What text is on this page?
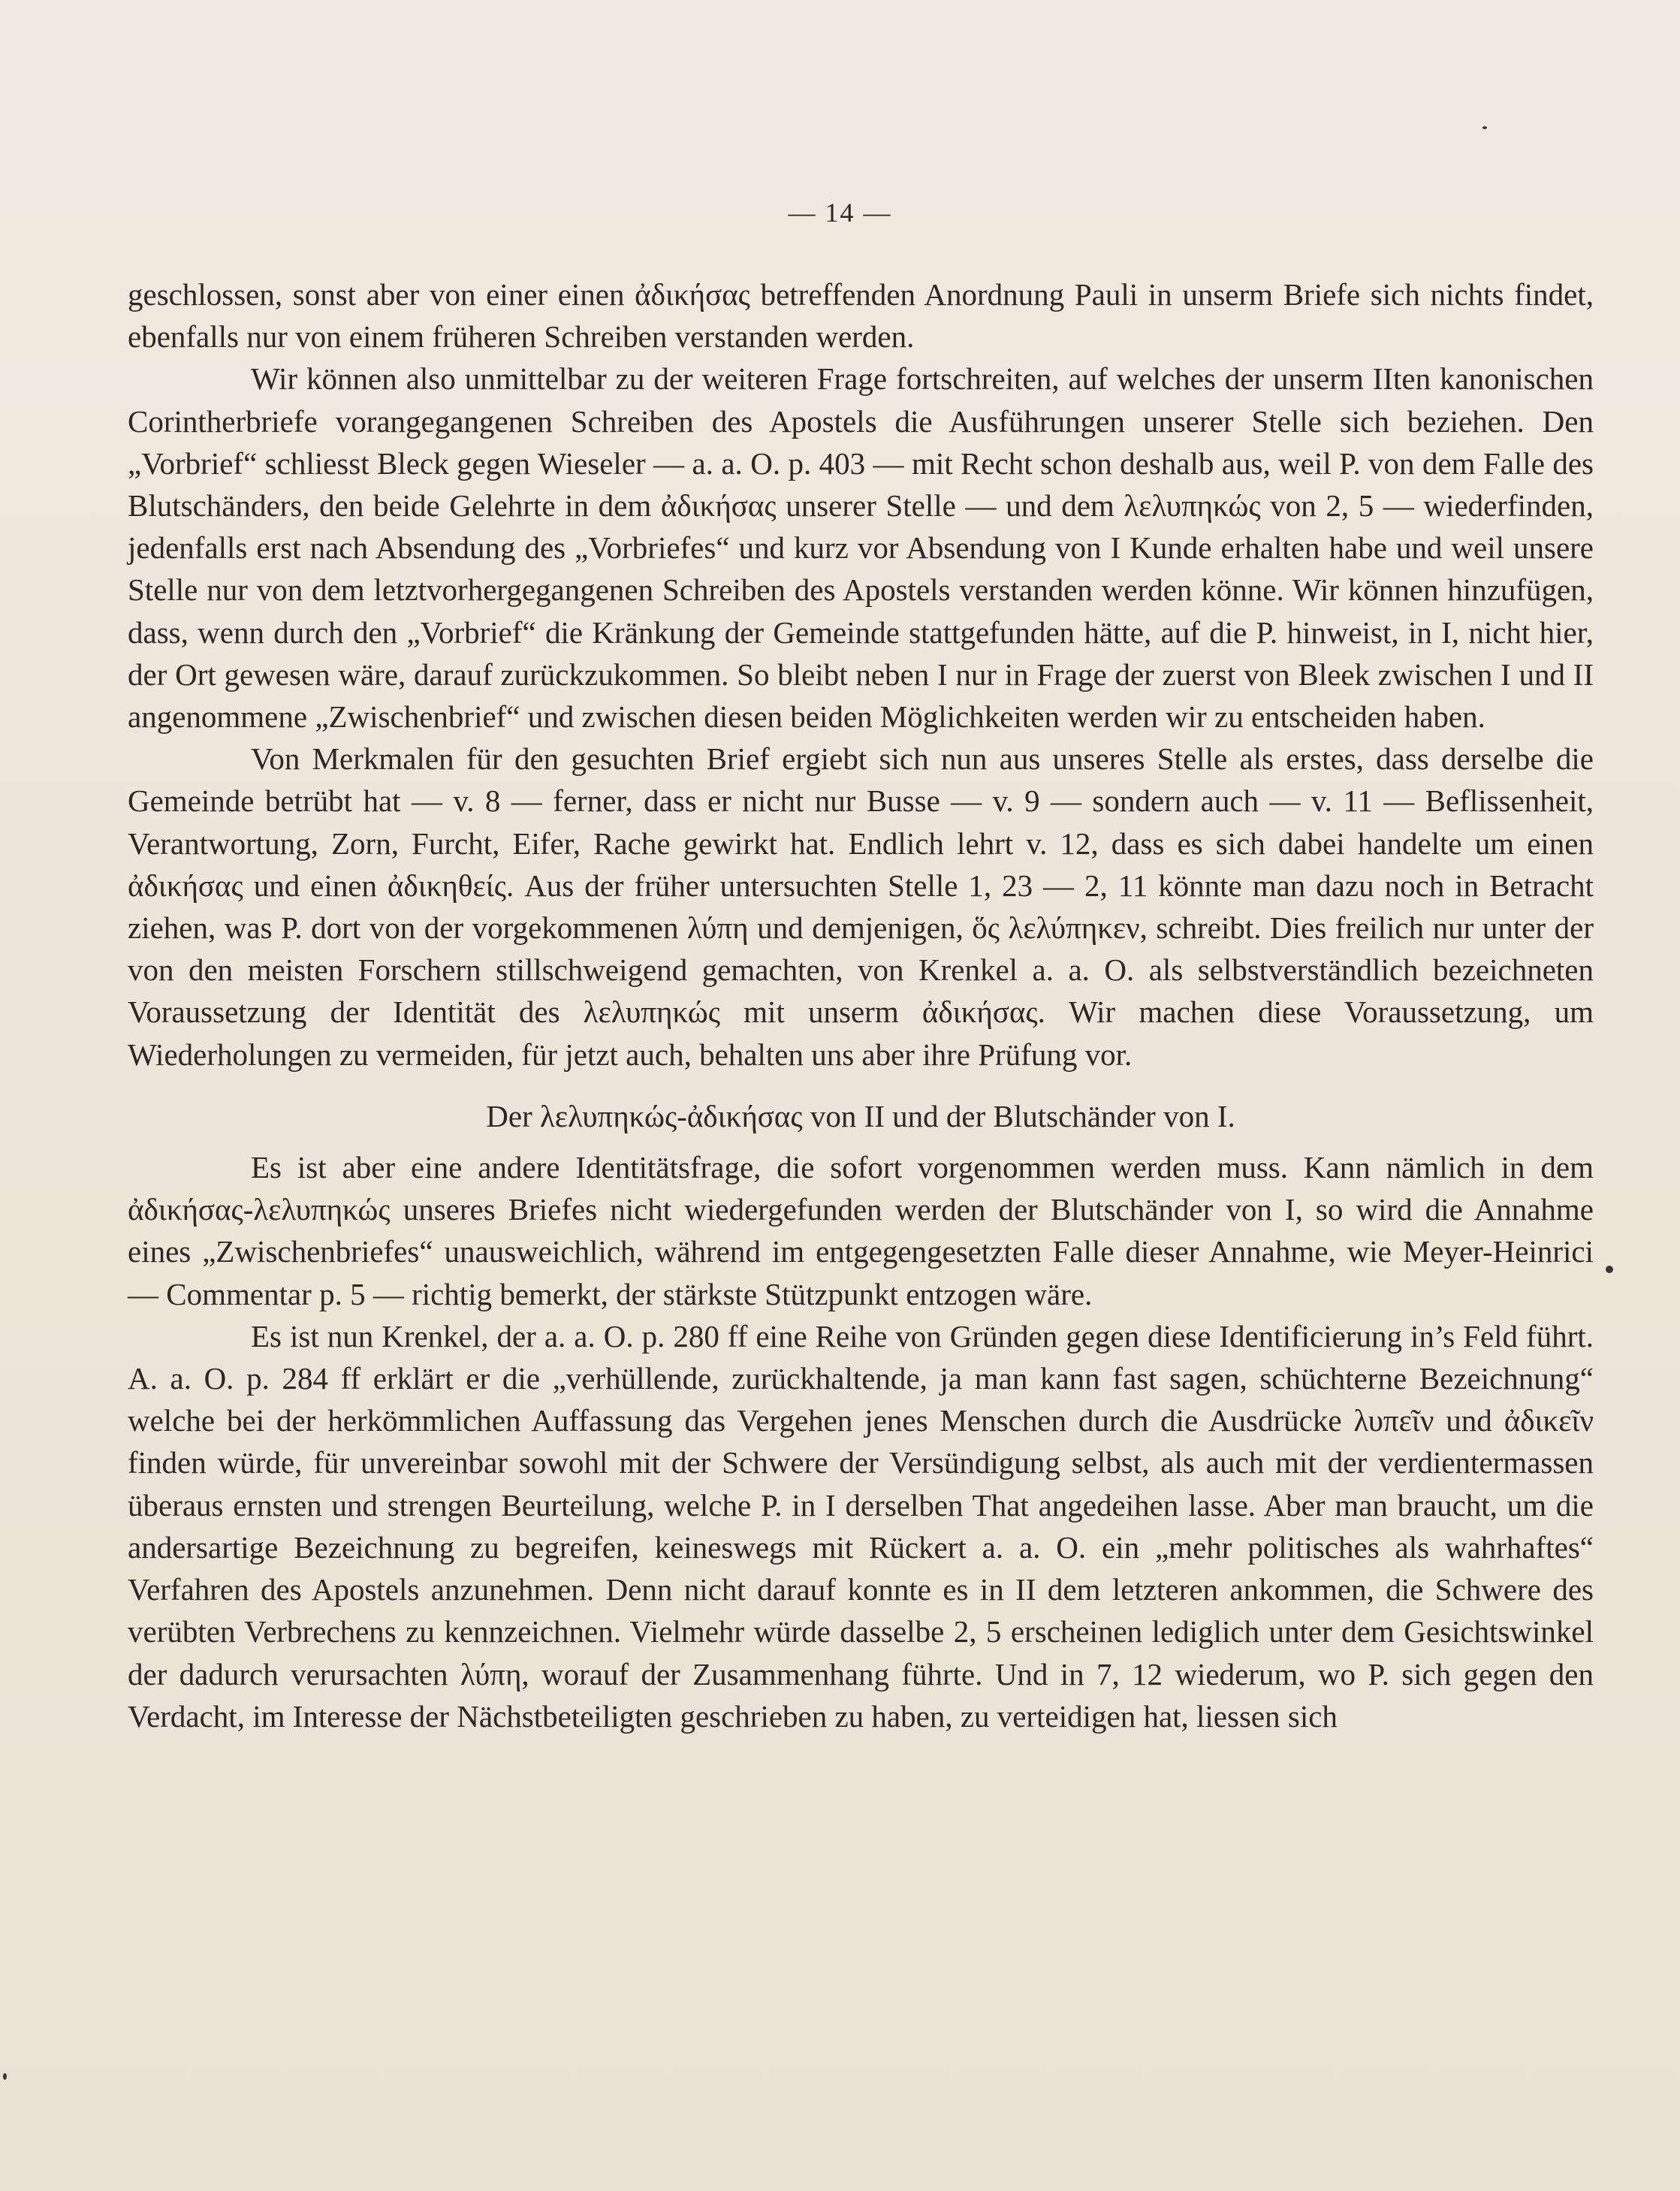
— 14 —

geschlossen, sonst aber von einer einen ἀδικήσας betreffenden Anordnung Pauli in unserm Briefe sich nichts findet, ebenfalls nur von einem früheren Schreiben verstanden werden.

Wir können also unmittelbar zu der weiteren Frage fortschreiten, auf welches der unserm IIten kanonischen Corintherbriefe vorangegangenen Schreiben des Apostels die Ausführungen unserer Stelle sich beziehen. Den „Vorbrief“ schliesst Bleck gegen Wieseler — a. a. O. p. 403 — mit Recht schon deshalb aus, weil P. von dem Falle des Blutschänders, den beide Gelehrte in dem ἀδικήσας unserer Stelle — und dem λελυπηκώς von 2, 5 — wiederfinden, jedenfalls erst nach Absendung des „Vorbriefes“ und kurz vor Absendung von I Kunde erhalten habe und weil unsere Stelle nur von dem letztvorhergegangenen Schreiben des Apostels verstanden werden könne. Wir können hinzufügen, dass, wenn durch den „Vorbrief“ die Kränkung der Gemeinde stattgefunden hätte, auf die P. hinweist, in I, nicht hier, der Ort gewesen wäre, darauf zurückzukommen. So bleibt neben I nur in Frage der zuerst von Bleek zwischen I und II angenommene „Zwischenbrief“ und zwischen diesen beiden Möglichkeiten werden wir zu entscheiden haben.

Von Merkmalen für den gesuchten Brief ergiebt sich nun aus unseres Stelle als erstes, dass derselbe die Gemeinde betrübt hat — v. 8 — ferner, dass er nicht nur Busse — v. 9 — sondern auch — v. 11 — Beflissenheit, Verantwortung, Zorn, Furcht, Eifer, Rache gewirkt hat. Endlich lehrt v. 12, dass es sich dabei handelte um einen ἀδικήσας und einen ἀδικηθείς. Aus der früher untersuchten Stelle 1, 23 — 2, 11 könnte man dazu noch in Betracht ziehen, was P. dort von der vorgekommenen λύπη und demjenigen, ὅς λελύπηκεν, schreibt. Dies freilich nur unter der von den meisten Forschern stillschweigend gemachten, von Krenkel a. a. O. als selbstverständlich bezeichneten Voraussetzung der Identität des λελυπηκώς mit unserm ἀδικήσας. Wir machen diese Voraussetzung, um Wiederholungen zu vermeiden, für jetzt auch, behalten uns aber ihre Prüfung vor.

Der λελυπηκώς-ἀδικήσας von II und der Blutschänder von I.

Es ist aber eine andere Identitätsfrage, die sofort vorgenommen werden muss. Kann nämlich in dem ἀδικήσας-λελυπηκώς unseres Briefes nicht wiedergefunden werden der Blutschänder von I, so wird die Annahme eines „Zwischenbriefes“ unausweichlich, während im entgegengesetzten Falle dieser Annahme, wie Meyer-Heinrici — Commentar p. 5 — richtig bemerkt, der stärkste Stützpunkt entzogen wäre.

Es ist nun Krenkel, der a. a. O. p. 280 ff eine Reihe von Gründen gegen diese Identificierung in’s Feld führt. A. a. O. p. 284 ff erklärt er die „verhüllende, zurückhaltende, ja man kann fast sagen, schüchterne Bezeichnung“ welche bei der herkömmlichen Auffassung das Vergehen jenes Menschen durch die Ausdrücke λυπεῖν und ἀδικεῖν finden würde, für unvereinbar sowohl mit der Schwere der Versündigung selbst, als auch mit der verdientermassen überaus ernsten und strengen Beurteilung, welche P. in I derselben That angedeihen lasse. Aber man braucht, um die andersartige Bezeichnung zu begreifen, keineswegs mit Rückert a. a. O. ein „mehr politisches als wahrhaftes“ Verfahren des Apostels anzunehmen. Denn nicht darauf konnte es in II dem letzteren ankommen, die Schwere des verübten Verbrechens zu kennzeichnen. Vielmehr würde dasselbe 2, 5 erscheinen lediglich unter dem Gesichtswinkel der dadurch verursachten λύπη, worauf der Zusammenhang führte. Und in 7, 12 wiederum, wo P. sich gegen den Verdacht, im Interesse der Nächstbeteiligten geschrieben zu haben, zu verteidigen hat, liessen sich
